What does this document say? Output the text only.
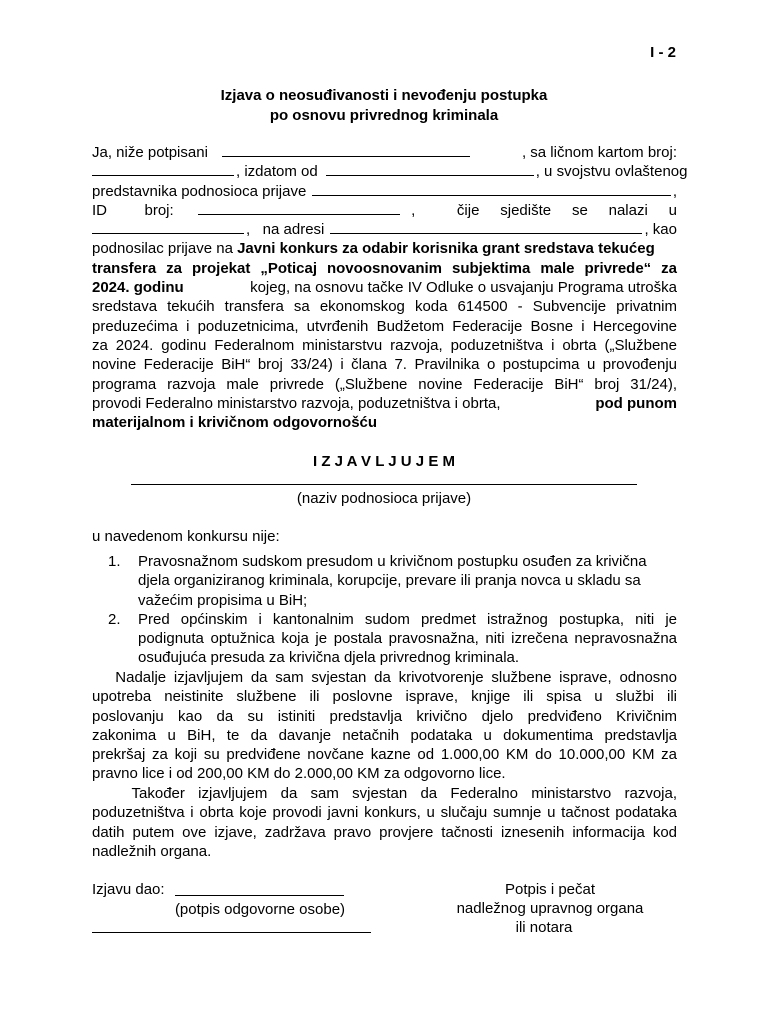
I - 2
Izjava o neosuđivanosti i nevođenju postupka
po osnovu privrednog kriminala
Ja, niže potpisani	, sa ličnom kartom broj:
, izdatom od	, u svojstvu ovlaštenog
predstavnika podnosioca prijave	,
ID         broj:	,          čije     sjedište     se     nalazi     u
,   na adresi	, kao
podnosilac prijave na Javni konkurs za odabir korisnika grant sredstava tekućeg
transfera za projekat „Poticaj novoosnovanim subjektima male privrede“ za
2024. godinu	kojeg, na osnovu tačke IV Odluke o usvajanju Programa utroška
sredstava tekućih transfera sa ekonomskog koda 614500 - Subvencije privatnim
preduzećima i poduzetnicima, utvrđenih Budžetom Federacije Bosne i Hercegovine
za 2024. godinu Federalnom ministarstvu razvoja, poduzetništva i obrta („Službene
novine Federacije BiH“ broj 33/24) i člana 7. Pravilnika o postupcima u provođenju
programa razvoja male privrede („Službene novine Federacije BiH“ broj 31/24),
provodi Federalno ministarstvo razvoja, poduzetništva i obrta,	pod punom
materijalnom i krivičnom odgovornošću
I Z J A V L J U J E M
(naziv podnosioca prijave)
u navedenom konkursu nije:
1.	Pravosnažnom sudskom presudom u krivičnom postupku osuđen za krivična
djela organiziranog kriminala, korupcije, prevare ili pranja novca u skladu sa
važećim propisima u BiH;
2.	Pred općinskim i kantonalnim sudom predmet istražnog postupka, niti je
podignuta optužnica koja je postala pravosnažna, niti izrečena nepravosnažna
osuđujuća presuda za krivična djela privrednog kriminala.
Nadalje izjavljujem da sam svjestan da krivotvorenje službene isprave, odnosno
upotreba neistinite službene ili poslovne isprave, knjige ili spisa u službi ili
poslovanju kao da su istiniti predstavlja krivično djelo predviđeno Krivičnim
zakonima u BiH, te da davanje netačnih podataka u dokumentima predstavlja
prekršaj za koji su predviđene novčane kazne od 1.000,00 KM do 10.000,00 KM za
pravno lice i od 200,00 KM do 2.000,00 KM za odgovorno lice.
Također izjavljujem da sam svjestan da Federalno ministarstvo razvoja,
poduzetništva i obrta koje provodi javni konkurs, u slučaju sumnje u tačnost podataka
datih putem ove izjave, zadržava pravo provjere tačnosti iznesenih informacija kod
nadležnih organa.
Izjavu dao:
(potpis odgovorne osobe)
Potpis i pečat
nadležnog upravnog organa
ili notara
